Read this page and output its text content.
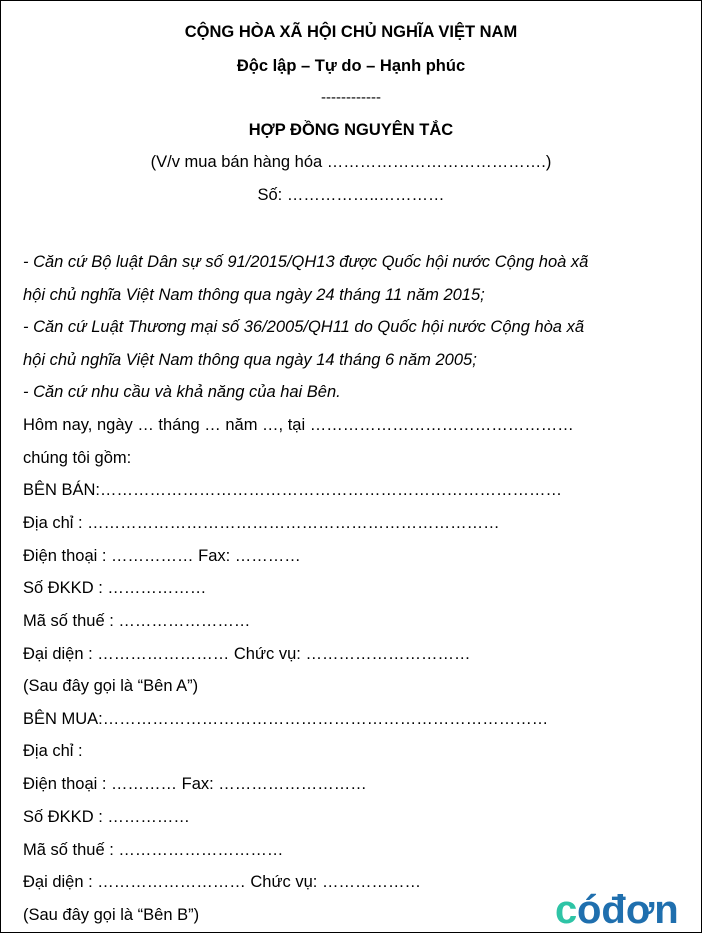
CỘNG HÒA XÃ HỘI CHỦ NGHĨA VIỆT NAM
Độc lập – Tự do – Hạnh phúc
------------
HỢP ĐỒNG NGUYÊN TẮC
(V/v mua bán hàng hóa ………………………………….)
Số: ……………..…………
- Căn cứ Bộ luật Dân sự số 91/2015/QH13 được Quốc hội nước Cộng hoà xã
hội chủ nghĩa Việt Nam thông qua ngày 24 tháng 11 năm 2015;
- Căn cứ Luật Thương mại số 36/2005/QH11 do Quốc hội nước Cộng hòa xã
hội chủ nghĩa Việt Nam thông qua ngày 14 tháng 6 năm 2005;
- Căn cứ nhu cầu và khả năng của hai Bên.
Hôm nay, ngày … tháng … năm …, tại …………………………………………
chúng tôi gồm:
BÊN BÁN:…………………………………………………………………………
Địa chỉ : …………………………………………………………………
Điện thoại : …………… Fax: …………
Số ĐKKD : ………………
Mã số thuế : ……………………
Đại diện : …………………… Chức vụ: …………………………
(Sau đây gọi là “Bên A”)
BÊN MUA:………………………………………………………………………
Địa chỉ :
Điện thoại : ………… Fax: ………………………
Số ĐKKD : ……………
Mã số thuế : …………………………
Đại diện : ……………………… Chức vụ: ………………
(Sau đây gọi là “Bên B”)	c óđơn
